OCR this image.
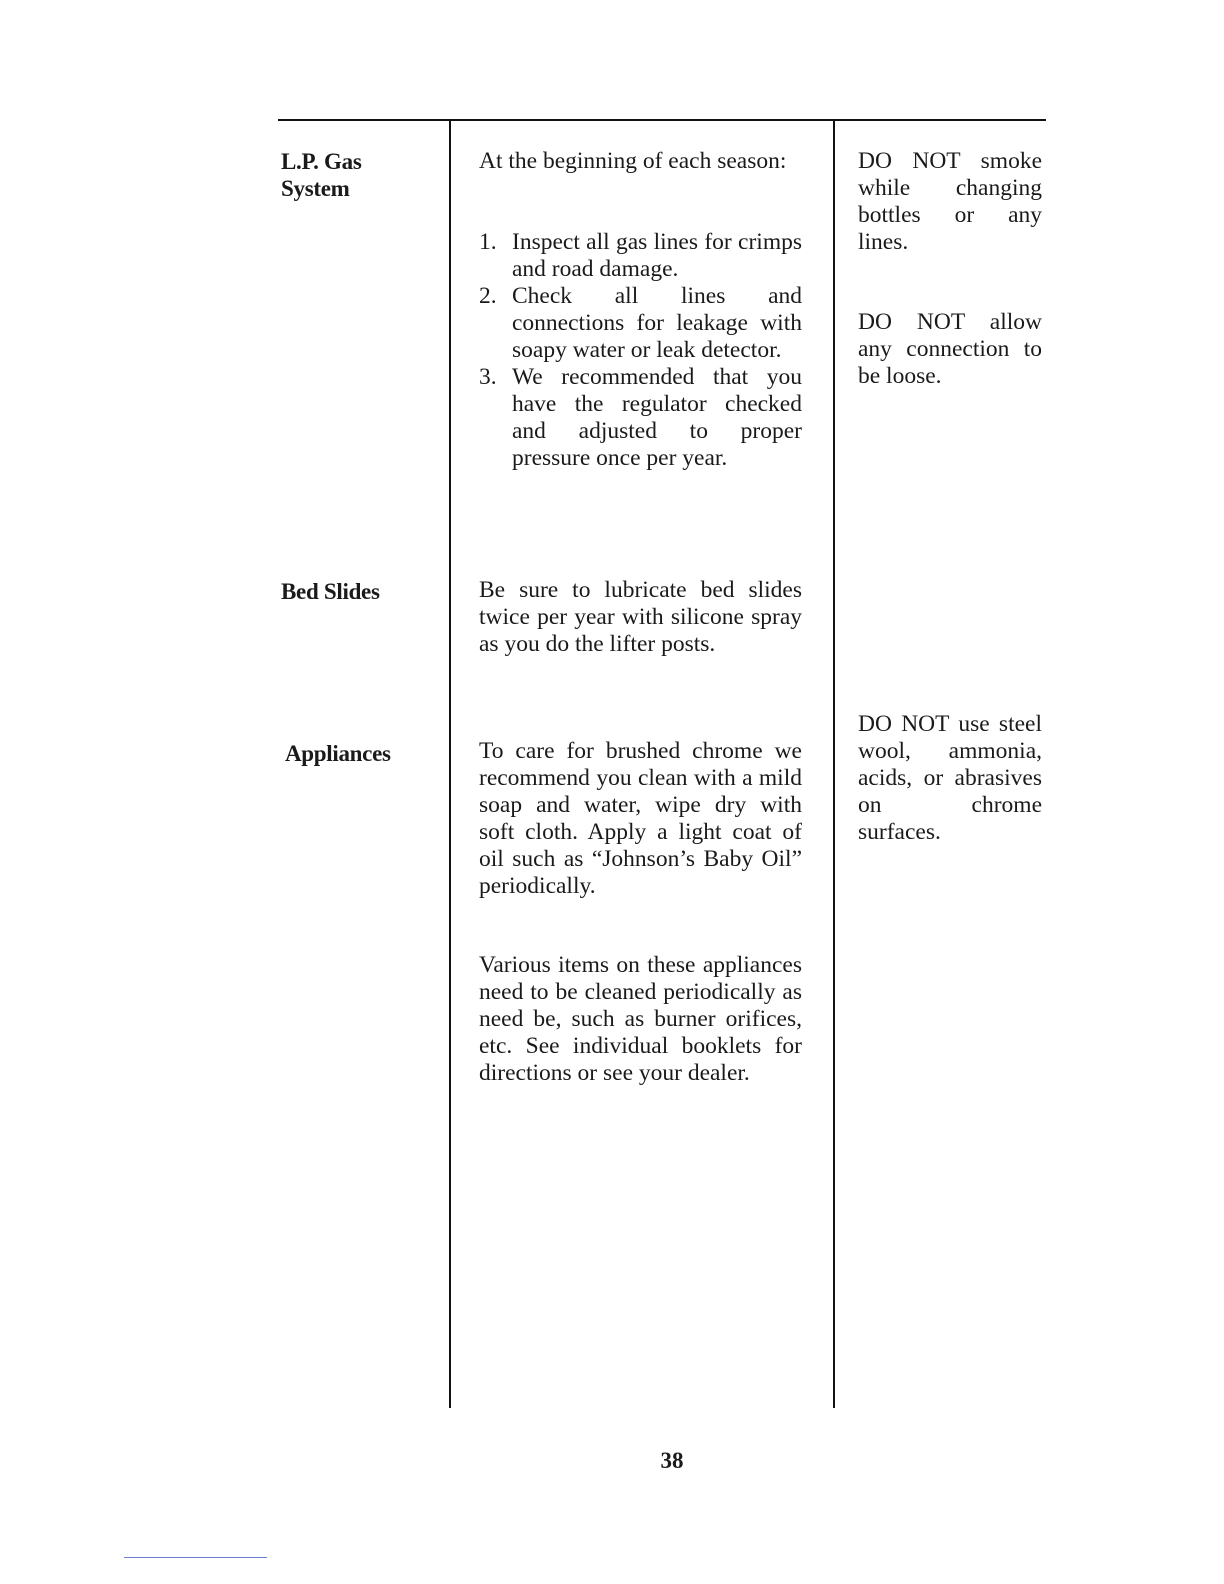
L.P. Gas
System
At the beginning of each season:
1. Inspect all gas lines for crimps and road damage.
2. Check all lines and connections for leakage with soapy water or leak detector.
3. We recommended that you have the regulator checked and adjusted to proper pressure once per year.
DO NOT smoke while changing bottles or any lines.
DO NOT allow any connection to be loose.
Bed Slides	Be sure to lubricate bed slides twice per year with silicone spray as you do the lifter posts.
Appliances	To care for brushed chrome we recommend you clean with a mild soap and water, wipe dry with soft cloth. Apply a light coat of oil such as “Johnson’s Baby Oil” periodically.
Various items on these appliances need to be cleaned periodically as need be, such as burner orifices, etc. See individual booklets for directions or see your dealer.
DO NOT use steel wool, ammonia, acids, or abrasives on chrome surfaces.
38
